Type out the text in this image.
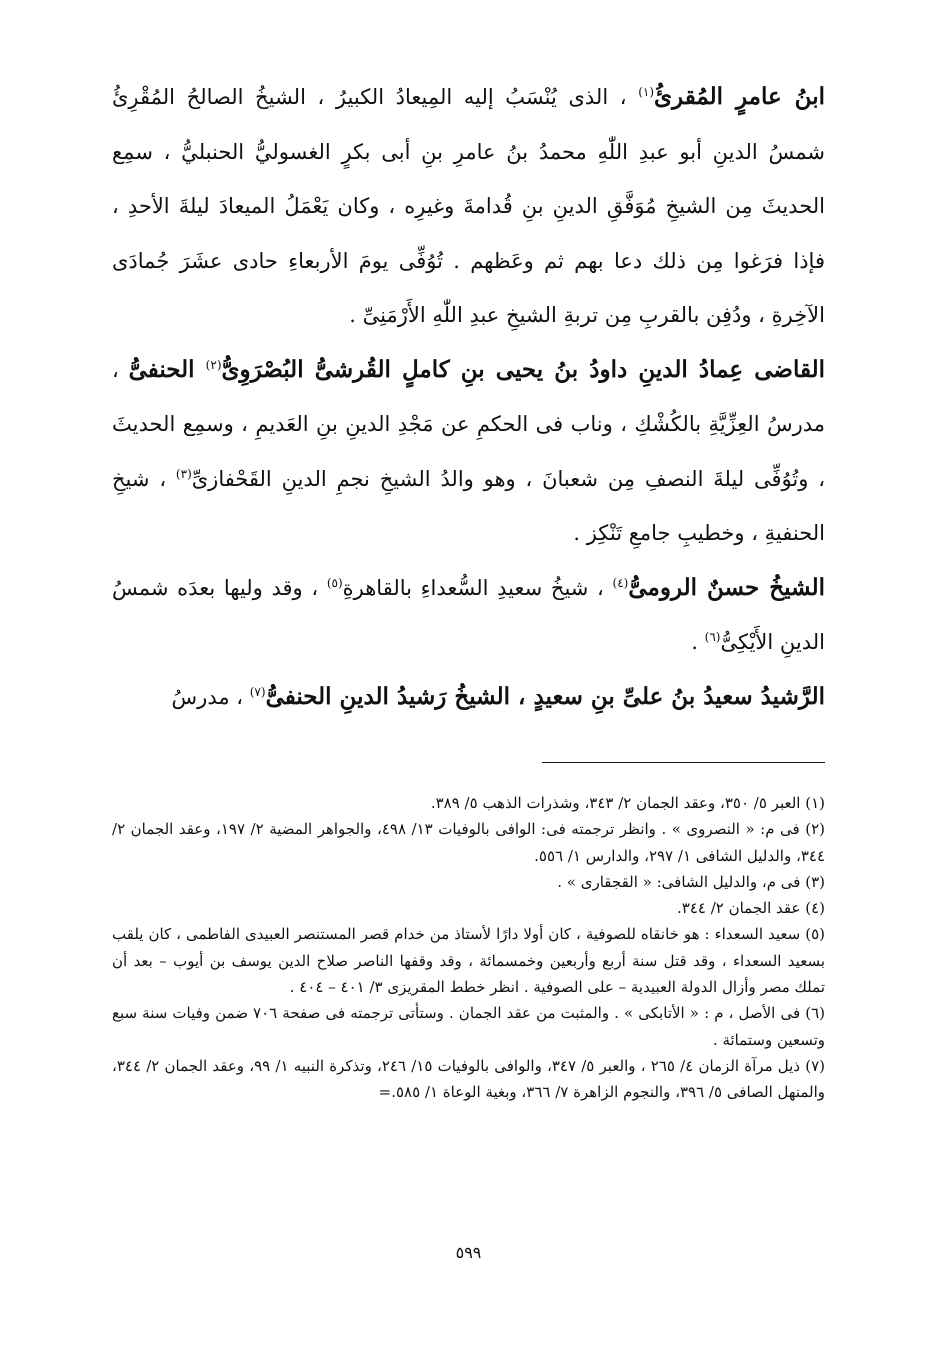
ابنُ عامرٍ المُقرئُ$^{(١)}$ ، الذى يُنْسَبُ إليه المِيعادُ الكبيرُ ، الشيخُ الصالحُ المُقْرِئُ شمسُ الدينِ أبو عبدِ اللّٰهِ محمدُ بنُ عامرِ بنِ أبى بكرٍ الغسوليُّ الحنبليُّ ، سمِع الحديثَ مِن الشيخِ مُوَفَّقِ الدينِ بنِ قُدامةَ وغيرِه ، وكان يَعْمَلُ الميعادَ ليلةَ الأحدِ ، فإذا فرَغوا مِن ذلك دعا بهم ثم وعَظهم . تُوُفِّى يومَ الأربعاءِ حادى عشَرَ جُمادَى الآخِرةِ ، ودُفِن بالقربِ مِن تربةِ الشيخِ عبدِ اللّٰهِ الأَرْمَنِىِّ .

القاضى عِمادُ الدينِ داودُ بنُ يحيى بنِ كاملٍ القُرشىُّ البُصْرَوِىُّ$^{(٢)}$ الحنفىُّ ، مدرسُ العِزِّيَّةِ بالكُشْكِ ، وناب فى الحكمِ عن مَجْدِ الدينِ بنِ العَديمِ ، وسمِع الحديثَ ، وتُوُفِّى ليلةَ النصفِ مِن شعبانَ ، وهو والدُ الشيخِ نجمِ الدينِ القَحْفازىِّ$^{(٣)}$ ، شيخِ الحنفيةِ ، وخطيبِ جامعِ تَنْكِز .

الشيخُ حسنٌ الرومىُّ$^{(٤)}$ ، شيخُ سعيدِ السُّعداءِ بالقاهرةِ$^{(٥)}$ ، وقد وليها بعدَه شمسُ الدينِ الأَيْكِىُّ$^{(٦)}$ .

الرَّشيدُ سعيدُ بنُ علىِّ بنِ سعيدٍ ، الشيخُ رَشيدُ الدينِ الحنفىُّ$^{(٧)}$ ، مدرسُ

(١) العبر ٥/ ٣٥٠، وعقد الجمان ٢/ ٣٤٣، وشذرات الذهب ٥/ ٣٨٩.

(٢) فى م: « النصروى » . وانظر ترجمته فى: الوافى بالوفيات ١٣/ ٤٩٨، والجواهر المضية ٢/ ١٩٧، وعقد الجمان ٢/ ٣٤٤، والدليل الشافى ١/ ٢٩٧، والدارس ١/ ٥٥٦.

(٣) فى م، والدليل الشافى: « القجقارى » .

(٤) عقد الجمان ٢/ ٣٤٤.

(٥) سعيد السعداء : هو خانقاه للصوفية ، كان أولا دارًا لأستاذ من خدام قصر المستنصر العبيدى الفاطمى ، كان يلقب بسعيد السعداء ، وقد قتل سنة أربع وأربعين وخمسمائة ، وقد وقفها الناصر صلاح الدين يوسف بن أيوب – بعد أن تملك مصر وأزال الدولة العبيدية – على الصوفية . انظر خطط المقريزى ٣/ ٤٠١ – ٤٠٤ .

(٦) فى الأصل ، م : « الأتابكى » . والمثبت من عقد الجمان . وستأتى ترجمته فى صفحة ٧٠٦ ضمن وفيات سنة سبع وتسعين وستمائة .

(٧) ذيل مرآة الزمان ٤/ ٢٦٥ ، والعبر ٥/ ٣٤٧، والوافى بالوفيات ١٥/ ٢٤٦، وتذكرة النبيه ١/ ٩٩، وعقد الجمان ٢/ ٣٤٤، والمنهل الصافى ٥/ ٣٩٦، والنجوم الزاهرة ٧/ ٣٦٦، وبغية الوعاة ١/ ٥٨٥.=

٥٩٩
